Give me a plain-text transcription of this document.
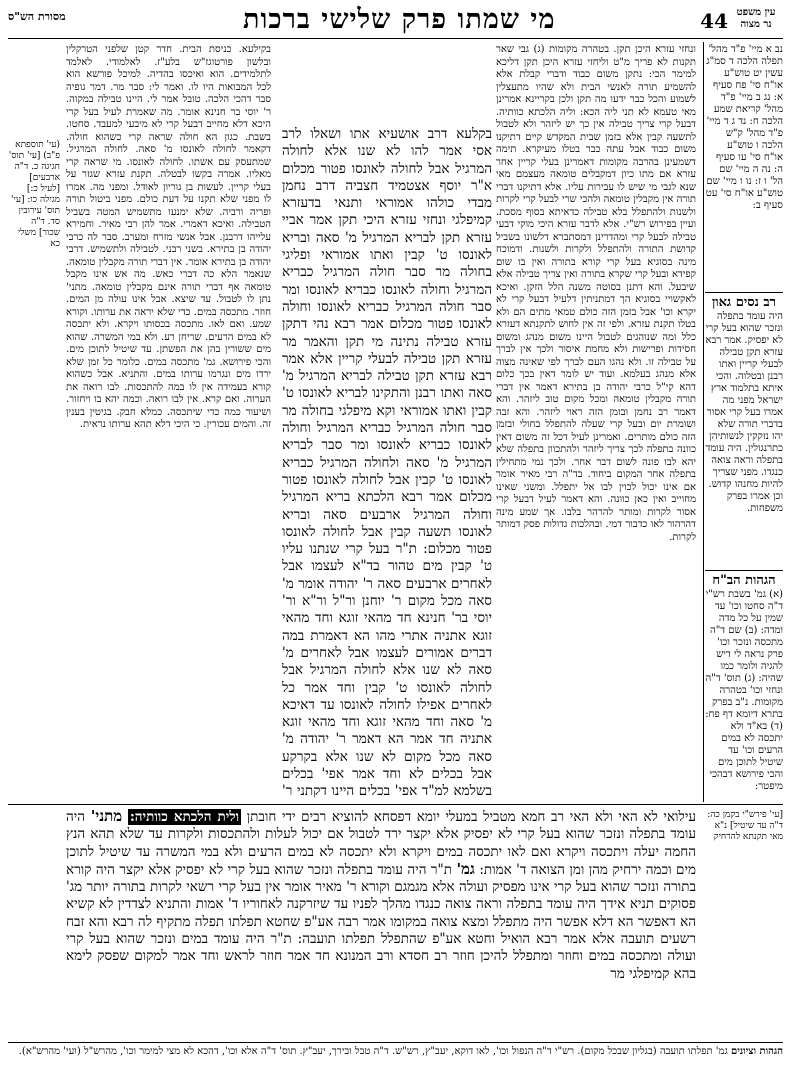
עין משפט
נר מצוה
44
מי שמתו פרק שלישי ברכות
מסורת הש"ס
נב א מיי' פ"ד מהל' תפלה הלכה ד סמ"ג עשין יט טוש"ע או"ח סי' פח סעיף א: נג ב מיי' פ"ד מהל' קריאת שמע הלכה ח: נד ג ד מיי' פ"ד מהל' ק"ש הלכה ו טוש"ע או"ח סי' עו סעיף ה: נה ה מיי' שם הל' ו ז: נו ו מיי' שם טוש"ע או"ח סי' עט סעיף ב:
רב נסים גאון
היה עומד בתפלה ונזכר שהוא בעל קרי לא יפסיק. אמר רבא עזרא תקן טבילה לבעלי קריין ואתו רבנן ובטלוה. והכי איתא בתלמוד ארץ ישראל מפני מה אמרו בעל קרי אסור בדברי תורה שלא יהו נזקקין לנשותיהן כתרנגולין. היה עומד בתפלה וראה צואה כנגדו. מפני שצריך להיות מחנהו קדוש. וכן אמרו בפרק משפחות.
הגהות הב"ח
(א) גמ' בשבת רש"י ד"ה סחטו וכו' עד שמין על כל מדה ומדה: (ב) שם ד"ה מתכסה ונזכר וכו' פרק נראה לי דיש להגיה ולומר כמו שהיה: (ג) תוס' ד"ה ונחזי וכו' בטהרה מקומות. נ"ב בפרק בתרא דיומא דף פח: (ד) בא"ד ולא יתכסה לא במים הרעים וכו' עד שיטיל לתוכן מים והכי פירושא דבהכי מיפטר:
ונחזי עזרא היכן תקן. בטהרה מקומות (ג) גבי שאר תקנות לא פריך מ"ט וליחזי עזרא היכן תקן דליכא למימר הכי: נתקן משום כבוד ודברי קבלת אלא להשמיע תורה לאנשי הבית ולא שהיו מתעצלין לשמוע והכל כבר ידעו מה תקן ולכן בקריינא אמרינן מאי טעמא לא תני ליה הכא: וליה הלכתא כוותיה. דבעל קרי צריך טבילה אין כך יש ליזהר ולא לטבול לתשעה קבין אלא בזמן שבית המקדש קיים דתיקנו משום כבוד אבל עתה כבר בטלו מעיקרא. תימה דשמעינן בהרבה מקומות דאמרינן בעלי קריין אחר עזרא אם מתו כיון דמקבלים טומאה מעצמם מאי שנא לגבי מי שיש לו עבירות עליו. אלא דתיקנו דברי תורה אין מקבלין טומאה ולהכי שרי לבעל קרי לקרות ולשנות ולהתפלל בלא טבילה כדאיתא בסוף מסכת. ועיין בפירוש רש"י. אלא לדבר עזרא היכי מוקי דבעי טבילה לבעל קרי ומהדרינן דמסתברא דלשונו בשביל קדושת התורה ולהתפלל ולקרות ולשנות. ודמוכח מינה בסוגיא בעל קרי קורא בתורה ואין בו שום קפידא ובעל קרי שקרא בתורה ואין צריך טבילה אלא שיבעל. והא דתנן בסוטה משנה הלל הזקן. ואיכא לאקשויי בסוגיא הך דמתניתין דלעיל דבעל קרי לא יקרא וכו' אבל בזמן הזה כולם טמאי מתים הם ולא בטלו תקנת עזרא. ולפי זה אין לחוש לתקנתא דעזרא כלל ומה שנוהגים לטבול היינו משום מנהג ומשום חסידות ופרישות ולא מחמת איסור ולכך אין לברך על טבילה זו. ולא נהגו העם לברך לפי שאינה מצוה אלא מנהג בעלמא. ועוד יש לומר דאין בכך כלום דהא קי"ל כרבי יהודה בן בתירא דאמר אין דברי תורה מקבלין טומאה ומכל מקום טוב ליזהר. והא דאמר רב נחמן ובזמן הזה ראוי ליזהר. והא זבה ושומרת יום ובעל קרי שעלה להתפלל בחולי ובזמן הזה כולם מותרים. ואמרינן לעיל דכל זה משום דאין כוונה בתפלה לכך צריך ליזהר ולהתכוון בתפלה שלא יהא לבו פונה לשום דבר אחר. ולכך נמי מתחילין בתפלה אחר המקום ביחוד. בד"ה רבי מאיר אומר אם אינו יכול לכוין לבו אל יתפלל. ומשני שאינו מחוייב ואין כאן כוונה. והא דאמר לעיל דבעל קרי אסור לקרות ומותר להרהר בלבו. אך שמע מינה דהרהור לאו כדבור דמי. ובהלכות גדולות פסק דמותר לקרות.
בקילעא. כניסת הבית. חדר קטן שלפני הטרקלין ובלשון פורטוגז"ש בלע"ז. לאלמודי. לאלמד לתלמידים. הוא ואיכסו בהדיה. למיכל פורשא הוא לכל המבואות היו לו. ואמר לי: סבר מר. דמר גופיה סבר דהכי הלכה. טובל אמר לי. היינו טבילה במקוה. ר' יוסי בר חנינא אומר. מה שאמרת לעיל בעל קרי היכא דלא מחייב דבעל קרי לא מיבעי למעבד. סחטו. בשבת. כגון הא חולה שראה קרי כשהוא חולה. דקאמר לחולה לאונסו מ' סאה. לחולה המרגיל. שמתעסק עם אשתו. לחולה לאונסו. מי שראה קרי מאליו. אמרה בקשו לבטלה. תקנת עזרא שגזר על בעלי קריין. לעשות בן גוריון לאודל. ומפני מה. אמרו לו מפני שלא תקנו על דעת כולם. מפני ביטול תורה ופריה ורביה. שלא ימנעו מתשמיש המטה בשביל הטבילה. ואיכא דאמרי. אמר להן רבי מאיר. וחמירא עלייהו דרבנן. אבל אנשי מזרח ומערב. סבר לה כרבי יהודה בן בתירא. בשני רבני. לטבילה ולתשמיש. דרבי יהודה בן בתירא אומר. אין דברי תורה מקבלין טומאה. שנאמר הלא כה דברי כאש. מה אש אינו מקבל טומאה אף דברי תורה אינם מקבלין טומאה. מתני' נתן לו לטבול. עד שיצא. אבל אינו עולה מן המים. חוזר. מתכסה במים. כדי שלא יראה את ערותו. וקורא שמע. ואם לאו. מתכסה בכסותו ויקרא. ולא יתכסה לא במים הרעים. שריחן רע. ולא במי המשרה. שהוא מים ששורין בהן את הפשתן. עד שיטיל לתוכן מים. והכי פירושא. גמ' מתכסה במים. כלומר כל זמן שלא ירדו מים ונגרמו ערותו במים. והתניא. אבל כשהוא קורא בעמידה אין לו במה להתכסות. לבו רואה את הערוה. ואם קרא. אין לבו רואה. וכמה יהא בו ויחזור. ושיעור כמה כדי שיתכסה. כמלא חבק. בגיטין בענין זה. והמים עכורין. כי היכי דלא תהא ערותו נראית.
בקלעא דרב אושעיא אתו ושאלו לרב אסי אמר להו לא שנו אלא לחולה המרגיל אבל לחולה לאונסו פטור מכלום א"ר יוסף אצטמיד חצביה דרב נחמן מבדי כולהו אמוראי ותנאי בדעזרא קמיפלגי ונחזי עזרא היכי תקן אמר אביי עזרא תקן לבריא המרגיל מ' סאה ובריא לאונסו ט' קבין ואתו אמוראי ופליגי בחולה מר סבר חולה המרגיל כבריא המרגיל וחולה לאונסו כבריא לאונסו ומר סבר חולה המרגיל כבריא לאונסו וחולה לאונסו פטור מכלום אמר רבא נהי דתקן עזרא טבילה נתינה מי תקן והאמר מר עזרא תקן טבילה לבעלי קריין אלא אמר רבא עזרא תקן טבילה לבריא המרגיל מ' סאה ואתו רבנן והתקינו לבריא לאונסו ט' קבין ואתו אמוראי וקא מיפלגי בחולה מר סבר חולה המרגיל כבריא המרגיל וחולה לאונסו כבריא לאונסו ומר סבר לבריא המרגיל מ' סאה ולחולה המרגיל כבריא לאונסו ט' קבין אבל לחולה לאונסו פטור מכלום אמר רבא הלכתא בריא המרגיל וחולה המרגיל ארבעים סאה ובריא לאונסו תשעה קבין אבל לחולה לאונסו פטור מכלום: ת"ר בעל קרי שנתנו עליו ט' קבין מים טהור בד"א לעצמו אבל לאחרים ארבעים סאה ר' יהודה אומר מ' סאה מכל מקום ר' יוחנן ור"ל ור"א ור' יוסי בר' חנינא חד מהאי זוגא וחד מהאי זוגא אתניה אתרי מהו הא דאמרת במה דברים אמורים לעצמו אבל לאחרים מ' סאה לא שנו אלא לחולה המרגיל אבל לחולה לאונסו ט' קבין וחד אמר כל לאחרים אפילו לחולה לאונסו עד דאיכא מ' סאה וחד מהאי זוגא וחד מהאי זוגא אתניה חד אמר הא דאמר ר' יהודה מ' סאה מכל מקום לא שנו אלא בקרקע אבל בכלים לא וחד אמר אפי' בכלים בשלמא למ"ד אפי' בכלים היינו דקתני ר'
(עי' תוספתא פ"ב) [עי' תוס' חגיגה כ. ד"ה ארבעים] [לעיל כ:] מגילה כו: [עי' תוס' עירובין סד. ד"ה שכור] משלי כא
עילואי לא האי ולא האי רב חמא מטביל במעלי יומא דפסחא להוציא רבים ידי חובתן ולית הלכתא כוותיה: מתני' היה עומד בתפלה ונזכר שהוא בעל קרי לא יפסיק אלא יקצר ירד לטבול אם יכול לעלות ולהתכסות ולקרות עד שלא תהא הנץ החמה יעלה ויתכסה ויקרא ואם לאו יתכסה במים ויקרא ולא יתכסה לא במים הרעים ולא במי המשרה עד שיטיל לתוכן מים וכמה ירחיק מהן ומן הצואה ד' אמות: גמ' ת"ר היה עומד בתפלה ונזכר שהוא בעל קרי לא יפסיק אלא יקצר היה קורא בתורה ונזכר שהוא בעל קרי אינו מפסיק ועולה אלא מגמגם וקורא ר' מאיר אומר אין בעל קרי רשאי לקרות בתורה יותר מג' פסוקים תניא אידך היה עומד בתפלה וראה צואה כנגדו מהלך לפניו עד שיזרקנה לאחוריו ד' אמות והתניא לצדדין לא קשיא הא דאפשר הא דלא אפשר היה מתפלל ומצא צואה במקומו אמר רבה אע"פ שחטא תפלתו תפלה מתקיף לה רבא והא זבח רשעים תועבה אלא אמר רבא הואיל וחטא אע"פ שהתפלל תפלתו תועבה: ת"ר היה עומד במים ונזכר שהוא בעל קרי ועולה ומתכסה במים וחוזר ומתפלל להיכן חוזר רב חסדא ורב המנונא חד אמר חוזר לראש וחד אמר למקום שפסק לימא בהא קמיפלגי מר
[עי' פירש"י בקמן כה: ד"ה עד שיטיל] נ"א מאי תקנתא להרחיק
הגהות וציונים גמ' תפלתו תועבה (בגליון שבכל מקום). רש"י ד"ה הנפול וכו', לאו דוקא, יעב"ץ, רש"ש. ד"ה טבל ובירך, יעב"ץ. תוס' ד"ה אלא וכו', דהכא לא מצי למימר וכו', מהרש"ל (ועי' מהרש"א).
